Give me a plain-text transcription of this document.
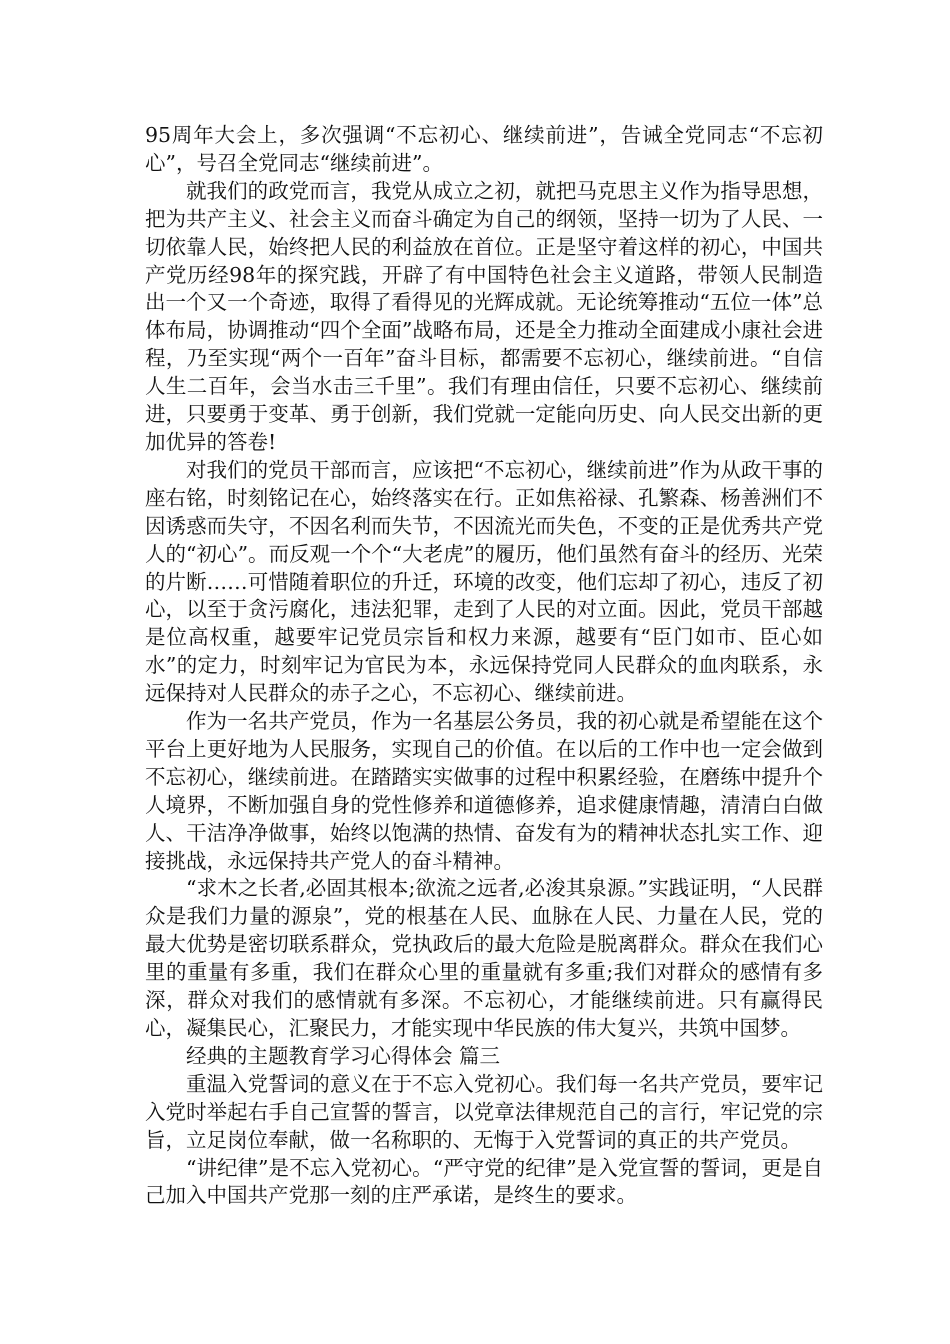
95周年大会上，多次强调“不忘初心、继续前进”，告诫全党同志“不忘初心”，号召全党同志“继续前进”。

就我们的政党而言，我党从成立之初，就把马克思主义作为指导思想，把为共产主义、社会主义而奋斗确定为自己的纲领，坚持一切为了人民、一切依靠人民，始终把人民的利益放在首位。正是坚守着这样的初心，中国共产党历经98年的探究践，开辟了有中国特色社会主义道路，带领人民制造出一个又一个奇迹，取得了看得见的光辉成就。无论统筹推动“五位一体”总体布局，协调推动“四个全面”战略布局，还是全力推动全面建成小康社会进程，乃至实现“两个一百年”奋斗目标，都需要不忘初心，继续前进。“自信人生二百年，会当水击三千里”。我们有理由信任，只要不忘初心、继续前进，只要勇于变革、勇于创新，我们党就一定能向历史、向人民交出新的更加优异的答卷!

对我们的党员干部而言，应该把“不忘初心，继续前进”作为从政干事的座右铭，时刻铭记在心，始终落实在行。正如焦裕禄、孔繁森、杨善洲们不因诱惑而失守，不因名利而失节，不因流光而失色，不变的正是优秀共产党人的“初心”。而反观一个个“大老虎”的履历，他们虽然有奋斗的经历、光荣的片断……可惜随着职位的升迁，环境的改变，他们忘却了初心，违反了初心，以至于贪污腐化，违法犯罪，走到了人民的对立面。因此，党员干部越是位高权重，越要牢记党员宗旨和权力来源，越要有“臣门如市、臣心如水”的定力，时刻牢记为官民为本，永远保持党同人民群众的血肉联系，永远保持对人民群众的赤子之心，不忘初心、继续前进。

作为一名共产党员，作为一名基层公务员，我的初心就是希望能在这个平台上更好地为人民服务，实现自己的价值。在以后的工作中也一定会做到不忘初心，继续前进。在踏踏实实做事的过程中积累经验，在磨练中提升个人境界，不断加强自身的党性修养和道德修养，追求健康情趣，清清白白做人、干洁净净做事，始终以饱满的热情、奋发有为的精神状态扎实工作、迎接挑战，永远保持共产党人的奋斗精神。

“求木之长者,必固其根本;欲流之远者,必浚其泉源。”实践证明，“人民群众是我们力量的源泉”，党的根基在人民、血脉在人民、力量在人民，党的最大优势是密切联系群众，党执政后的最大危险是脱离群众。群众在我们心里的重量有多重，我们在群众心里的重量就有多重;我们对群众的感情有多深，群众对我们的感情就有多深。不忘初心，才能继续前进。只有赢得民心，凝集民心，汇聚民力，才能实现中华民族的伟大复兴，共筑中国梦。

经典的主题教育学习心得体会 篇三

重温入党誓词的意义在于不忘入党初心。我们每一名共产党员，要牢记入党时举起右手自己宣誓的誓言，以党章法律规范自己的言行，牢记党的宗旨，立足岗位奉献，做一名称职的、无悔于入党誓词的真正的共产党员。

“讲纪律”是不忘入党初心。“严守党的纪律”是入党宣誓的誓词，更是自己加入中国共产党那一刻的庄严承诺，是终生的要求。
